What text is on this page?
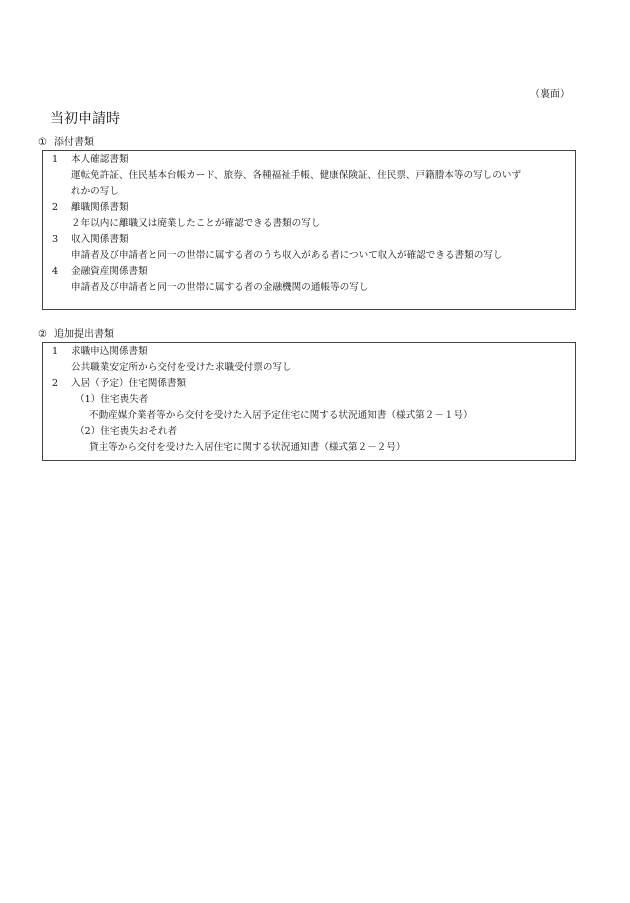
（裏面）
当初申請時
① 添付書類
1	本人確認書類
運転免許証、住民基本台帳カード、旅券、各種福祉手帳、健康保険証、住民票、戸籍謄本等の写しのいず
れかの写し
2	離職関係書類
２年以内に離職又は廃業したことが確認できる書類の写し
3	収入関係書類
申請者及び申請者と同一の世帯に属する者のうち収入がある者について収入が確認できる書類の写し
4	金融資産関係書類
申請者及び申請者と同一の世帯に属する者の金融機関の通帳等の写し
② 追加提出書類
1	求職申込関係書類
公共職業安定所から交付を受けた求職受付票の写し
2	入居（予定）住宅関係書類
（1）住宅喪失者
不動産媒介業者等から交付を受けた入居予定住宅に関する状況通知書（様式第２－１号）
（2）住宅喪失おそれ者
貸主等から交付を受けた入居住宅に関する状況通知書（様式第２－２号）
